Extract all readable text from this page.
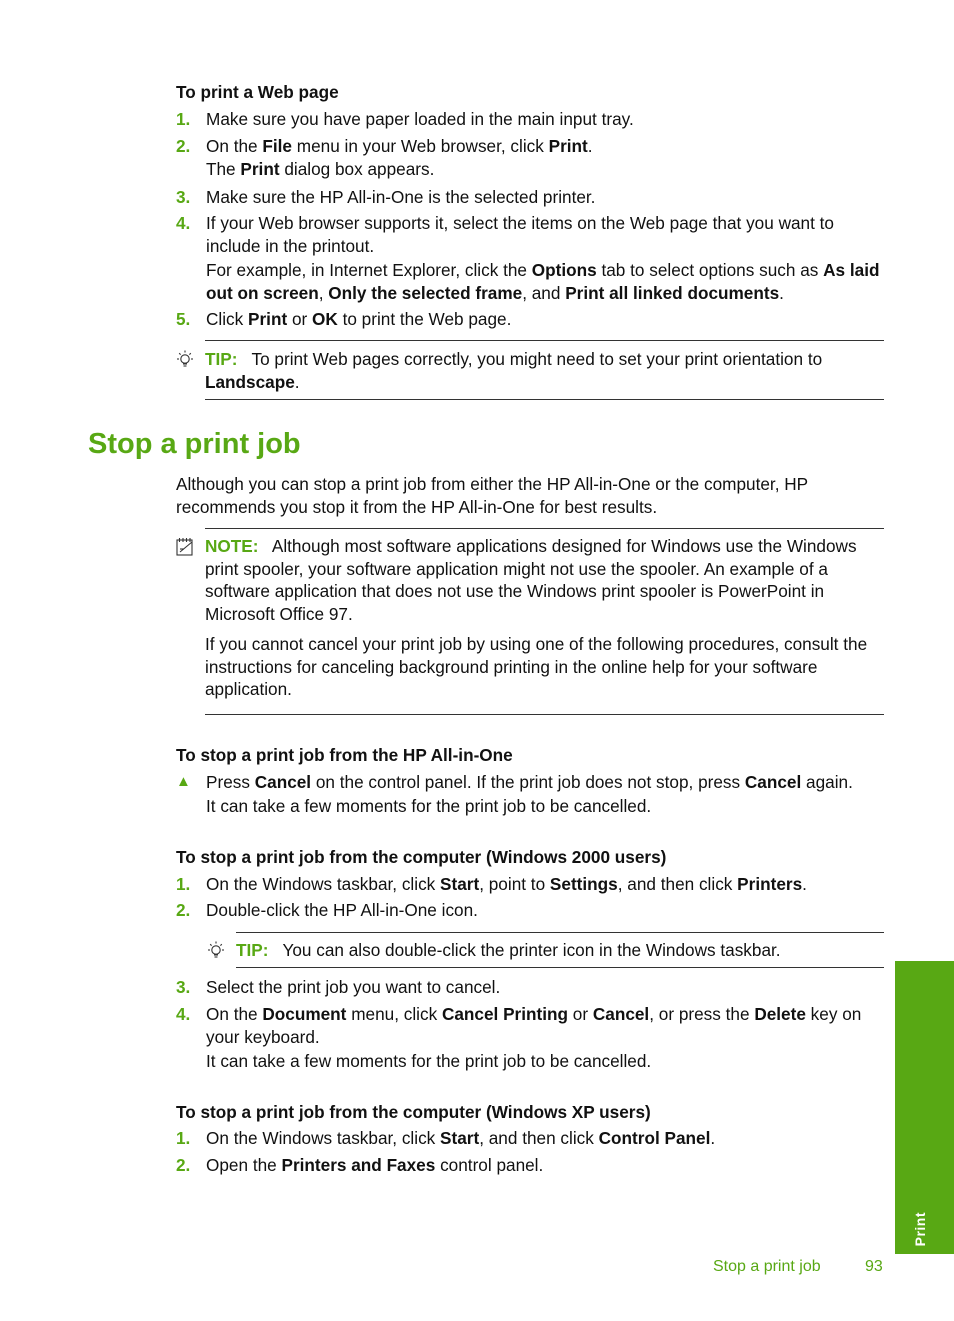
To print a Web page
1. Make sure you have paper loaded in the main input tray.

2. On the File menu in your Web browser, click Print.

The Print dialog box appears.

3. Make sure the HP All-in-One is the selected printer.

4. If your Web browser supports it, select the items on the Web page that you want to include in the printout.

For example, in Internet Explorer, click the Options tab to select options such as As laid out on screen, Only the selected frame, and Print all linked documents.

5. Click Print or OK to print the Web page.

TIP: To print Web pages correctly, you might need to set your print orientation to Landscape.
Stop a print job

Although you can stop a print job from either the HP All-in-One or the computer, HP recommends you stop it from the HP All-in-One for best results.

NOTE: Although most software applications designed for Windows use the Windows print spooler, your software application might not use the spooler. An example of a software application that does not use the Windows print spooler is PowerPoint in Microsoft Office 97.

If you cannot cancel your print job by using one of the following procedures, consult the instructions for canceling background printing in the online help for your software application.

To stop a print job from the HP All-in-One
▲ Press Cancel on the control panel. If the print job does not stop, press Cancel again.

It can take a few moments for the print job to be cancelled.

To stop a print job from the computer (Windows 2000 users)
1. On the Windows taskbar, click Start, point to Settings, and then click Printers.

2. Double-click the HP All-in-One icon.

TIP: You can also double-click the printer icon in the Windows taskbar.
3. Select the print job you want to cancel.

4. On the Document menu, click Cancel Printing or Cancel, or press the Delete key on your keyboard.

It can take a few moments for the print job to be cancelled.

To stop a print job from the computer (Windows XP users)
1. On the Windows taskbar, click Start, and then click Control Panel.

2. Open the Printers and Faxes control panel.

Print
Stop a print job	93
